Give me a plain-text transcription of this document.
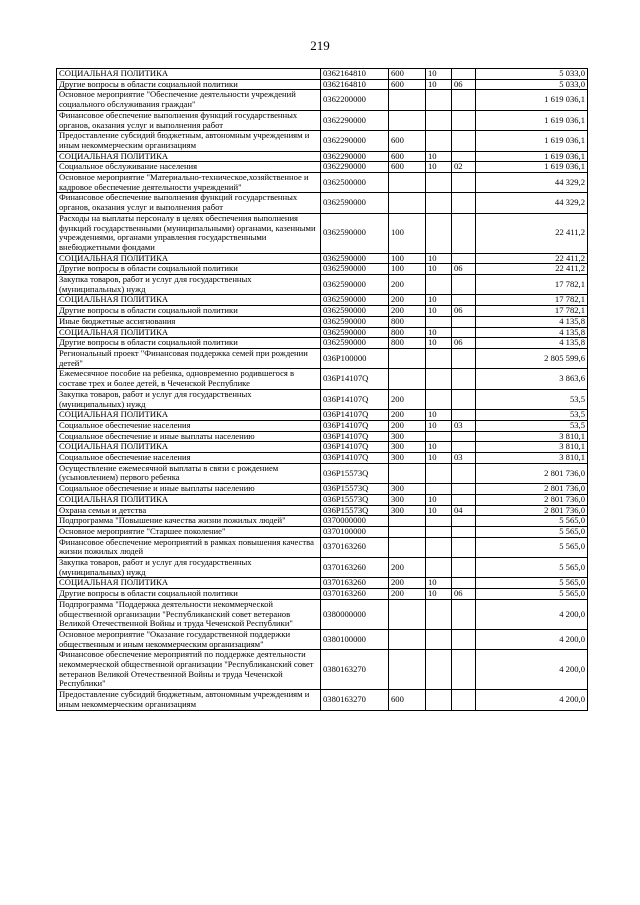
219
СОЦИАЛЬНАЯ ПОЛИТИКА	0362164810	600	10		5 033,0
Другие вопросы в области социальной политики	0362164810	600	10	06	5 033,0
Основное мероприятие "Обеспечение деятельности учреждений социального обслуживания граждан"	0362200000				1 619 036,1
Финансовое обеспечение выполнения функций государственных органов, оказания услуг и выполнения работ	0362290000				1 619 036,1
Предоставление субсидий бюджетным, автономным учреждениям и иным некоммерческим организациям	0362290000	600			1 619 036,1
СОЦИАЛЬНАЯ ПОЛИТИКА	0362290000	600	10		1 619 036,1
Социальное обслуживание населения	0362290000	600	10	02	1 619 036,1
Основное мероприятие "Материально-техническое,хозяйственное и кадровое обеспечение деятельности учреждений"	0362500000				44 329,2
Финансовое обеспечение выполнения функций государственных органов, оказания услуг и выполнения работ	0362590000				44 329,2
Расходы на выплаты персоналу в целях обеспечения выполнения функций государственными (муниципальными) органами, казенными учреждениями, органами управления государственными внебюджетными фондами	0362590000	100			22 411,2
СОЦИАЛЬНАЯ ПОЛИТИКА	0362590000	100	10		22 411,2
Другие вопросы в области социальной политики	0362590000	100	10	06	22 411,2
Закупка товаров, работ и услуг для государственных (муниципальных) нужд	0362590000	200			17 782,1
СОЦИАЛЬНАЯ ПОЛИТИКА	0362590000	200	10		17 782,1
Другие вопросы в области социальной политики	0362590000	200	10	06	17 782,1
Иные бюджетные ассигнования	0362590000	800			4 135,8
СОЦИАЛЬНАЯ ПОЛИТИКА	0362590000	800	10		4 135,8
Другие вопросы в области социальной политики	0362590000	800	10	06	4 135,8
Региональный проект "Финансовая поддержка семей при рождении детей"	036P100000				2 805 599,6
Ежемесячное пособие на ребенка, одновременно родившегося в составе трех и более детей, в Чеченской Республике	036P14107Q				3 863,6
Закупка товаров, работ и услуг для государственных (муниципальных) нужд	036P14107Q	200			53,5
СОЦИАЛЬНАЯ ПОЛИТИКА	036P14107Q	200	10		53,5
Социальное обеспечение населения	036P14107Q	200	10	03	53,5
Социальное обеспечение и иные выплаты населению	036P14107Q	300			3 810,1
СОЦИАЛЬНАЯ ПОЛИТИКА	036P14107Q	300	10		3 810,1
Социальное обеспечение населения	036P14107Q	300	10	03	3 810,1
Осуществление ежемесячной выплаты в связи с рождением (усыновлением) первого ребенка	036P15573Q				2 801 736,0
Социальное обеспечение и иные выплаты населению	036P15573Q	300			2 801 736,0
СОЦИАЛЬНАЯ ПОЛИТИКА	036P15573Q	300	10		2 801 736,0
Охрана семьи и детства	036P15573Q	300	10	04	2 801 736,0
Подпрограмма "Повышение качества жизни пожилых людей"	0370000000				5 565,0
Основное мероприятие "Старшее поколение"	0370100000				5 565,0
Финансовое обеспечение мероприятий в рамках повышения качества жизни пожилых людей	0370163260				5 565,0
Закупка товаров, работ и услуг для государственных (муниципальных) нужд	0370163260	200			5 565,0
СОЦИАЛЬНАЯ ПОЛИТИКА	0370163260	200	10		5 565,0
Другие вопросы в области социальной политики	0370163260	200	10	06	5 565,0
Подпрограмма "Поддержка деятельности некоммерческой общественной организации "Республиканский совет ветеранов Великой Отечественной Войны и труда Чеченской Республики"	0380000000				4 200,0
Основное мероприятие "Оказание государственной поддержки общественным и иным некоммерческим организациям"	0380100000				4 200,0
Финансовое обеспечение мероприятий по поддержке деятельности некоммерческой общественной организации "Республиканский совет ветеранов Великой Отечественной Войны и труда Чеченской Республики"	0380163270				4 200,0
Предоставление субсидий бюджетным, автономным учреждениям и иным некоммерческим организациям	0380163270	600			4 200,0
